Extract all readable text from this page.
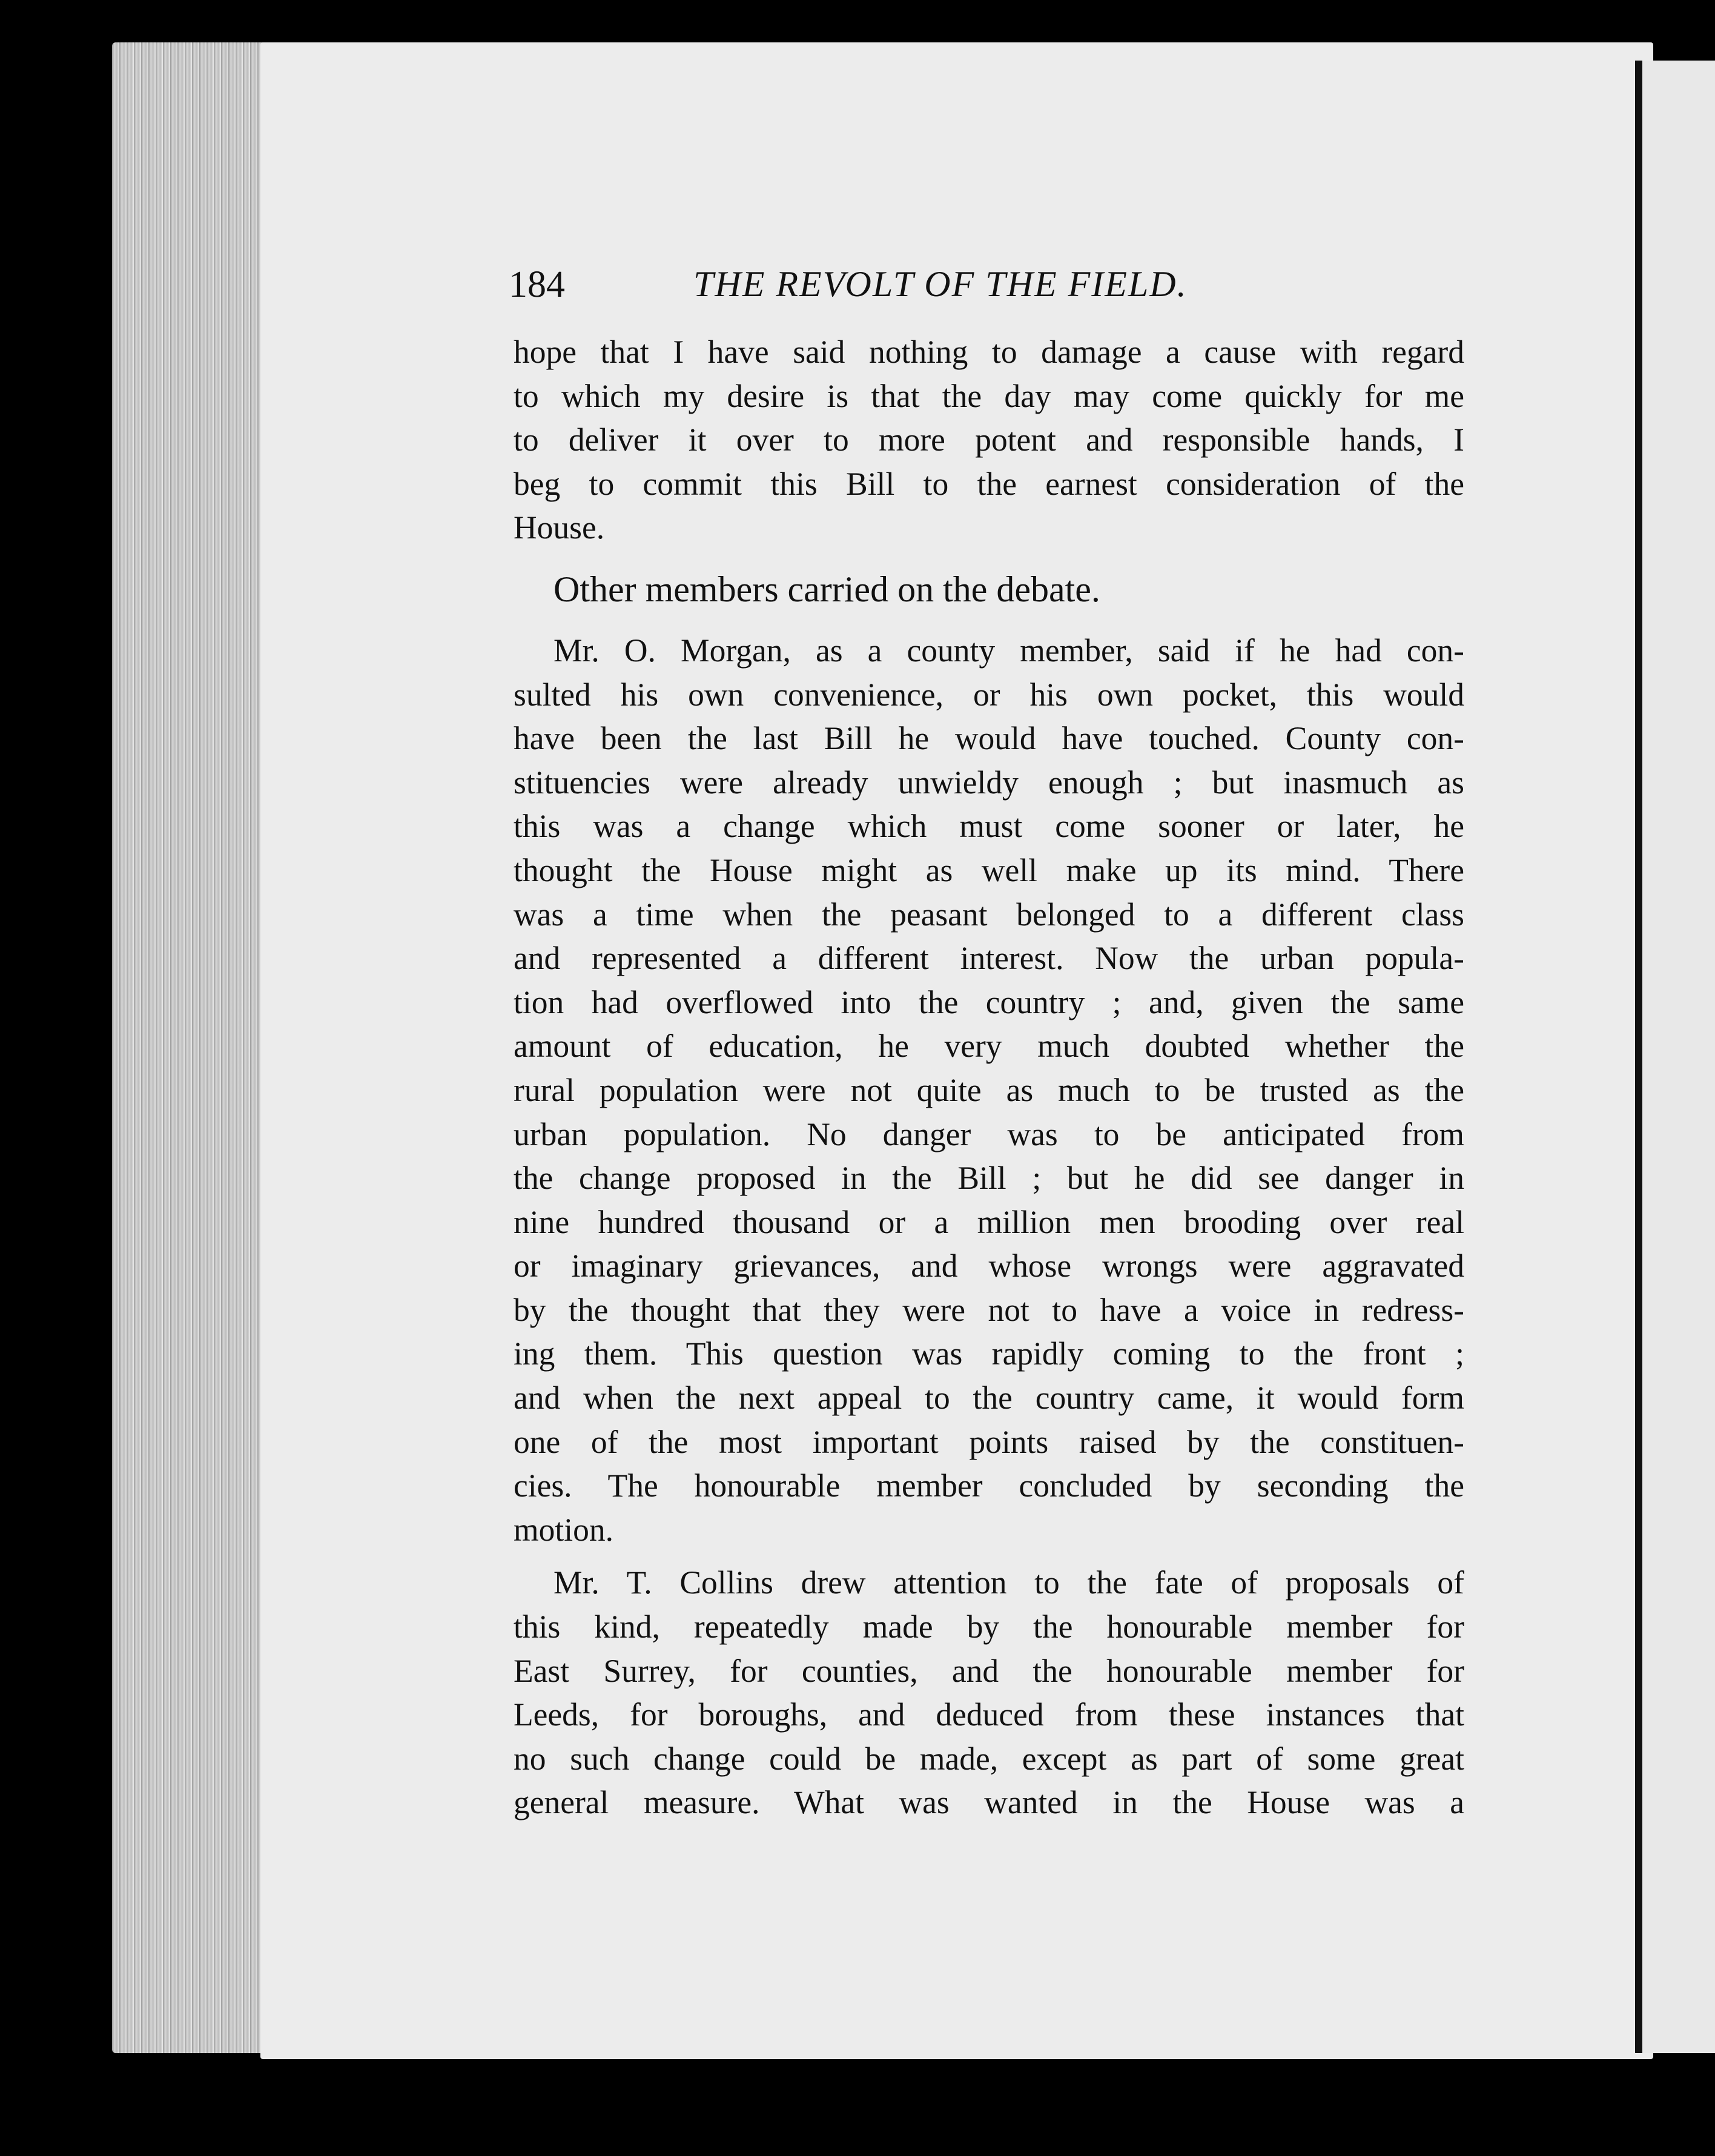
184	THE REVOLT OF THE FIELD.
hope that I have said nothing to damage a cause with regard
to which my desire is that the day may come quickly for me
to deliver it over to more potent and responsible hands, I
beg to commit this Bill to the earnest consideration of the
House.
Other members carried on the debate.
Mr. O. Morgan, as a county member, said if he had con-
sulted his own convenience, or his own pocket, this would
have been the last Bill he would have touched. County con-
stituencies were already unwieldy enough ; but inasmuch as
this was a change which must come sooner or later, he
thought the House might as well make up its mind. There
was a time when the peasant belonged to a different class
and represented a different interest. Now the urban popula-
tion had overflowed into the country ; and, given the same
amount of education, he very much doubted whether the
rural population were not quite as much to be trusted as the
urban population. No danger was to be anticipated from
the change proposed in the Bill ; but he did see danger in
nine hundred thousand or a million men brooding over real
or imaginary grievances, and whose wrongs were aggravated
by the thought that they were not to have a voice in redress-
ing them. This question was rapidly coming to the front ;
and when the next appeal to the country came, it would form
one of the most important points raised by the constituen-
cies. The honourable member concluded by seconding the
motion.
Mr. T. Collins drew attention to the fate of proposals of
this kind, repeatedly made by the honourable member for
East Surrey, for counties, and the honourable member for
Leeds, for boroughs, and deduced from these instances that
no such change could be made, except as part of some great
general measure. What was wanted in the House was a
